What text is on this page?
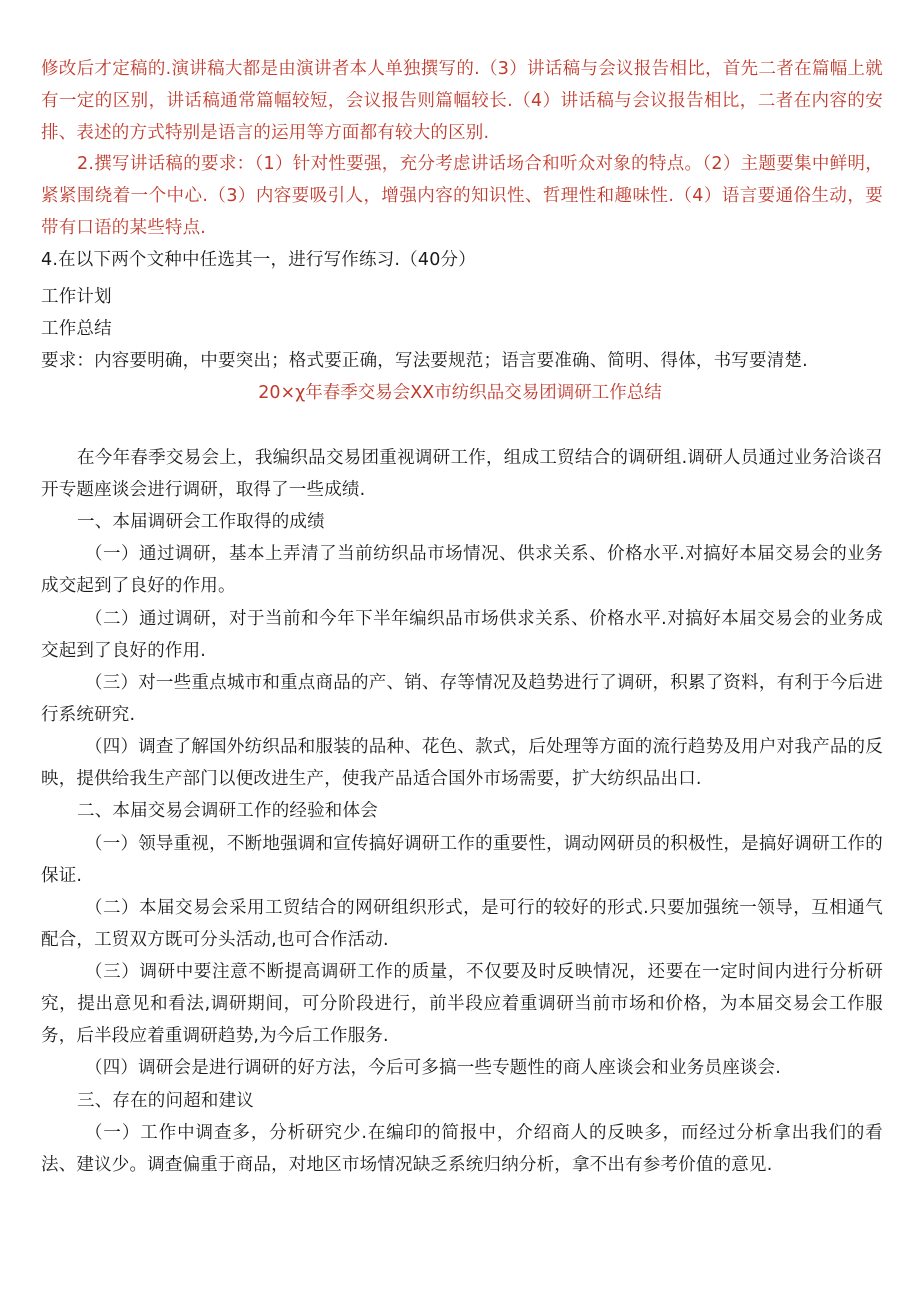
修改后才定稿的.演讲稿大都是由演讲者本人单独撰写的.（3）讲话稿与会议报告相比，首先二者在篇幅上就有一定的区别，讲话稿通常篇幅较短，会议报告则篇幅较长.（4）讲话稿与会议报告相比，二者在内容的安排、表述的方式特别是语言的运用等方面都有较大的区别.

2.撰写讲话稿的要求：（1）针对性要强，充分考虑讲话场合和听众对象的特点。（2）主题要集中鲜明，紧紧围绕着一个中心.（3）内容要吸引人，增强内容的知识性、哲理性和趣味性.（4）语言要通俗生动，要带有口语的某些特点.

4.在以下两个文种中任选其一，进行写作练习.（40分）

工作计划

工作总结

要求：内容要明确，中要突出；格式要正确，写法要规范；语言要准确、简明、得体，书写要清楚.

20×χ年春季交易会XX市纺织品交易团调研工作总结

在今年春季交易会上，我编织品交易团重视调研工作，组成工贸结合的调研组.调研人员通过业务洽谈召开专题座谈会进行调研，取得了一些成绩.

一、本届调研会工作取得的成绩

（一）通过调研，基本上弄清了当前纺织品市场情况、供求关系、价格水平.对搞好本届交易会的业务成交起到了良好的作用。

（二）通过调研，对于当前和今年下半年编织品市场供求关系、价格水平.对搞好本届交易会的业务成交起到了良好的作用.

（三）对一些重点城市和重点商品的产、销、存等情况及趋势进行了调研，积累了资料，有利于今后进行系统研究.

（四）调查了解国外纺织品和服装的品种、花色、款式，后处理等方面的流行趋势及用户对我产品的反映，提供给我生产部门以便改进生产，使我产品适合国外市场需要，扩大纺织品出口.

二、本届交易会调研工作的经验和体会

（一）领导重视，不断地强调和宣传搞好调研工作的重要性，调动网研员的积极性，是搞好调研工作的保证.

（二）本届交易会采用工贸结合的网研组织形式，是可行的较好的形式.只要加强统一领导，互相通气配合，工贸双方既可分头活动,也可合作活动.

（三）调研中要注意不断提高调研工作的质量，不仅要及时反映情况，还要在一定时间内进行分析研究，提出意见和看法,调研期间，可分阶段进行，前半段应着重调研当前市场和价格，为本届交易会工作服务，后半段应着重调研趋势,为今后工作服务.

（四）调研会是进行调研的好方法，今后可多搞一些专题性的商人座谈会和业务员座谈会.

三、存在的问超和建议

（一）工作中调查多，分析研究少.在编印的简报中，介绍商人的反映多，而经过分析拿出我们的看法、建议少。调查偏重于商品，对地区市场情况缺乏系统归纳分析，拿不出有参考价值的意见.
